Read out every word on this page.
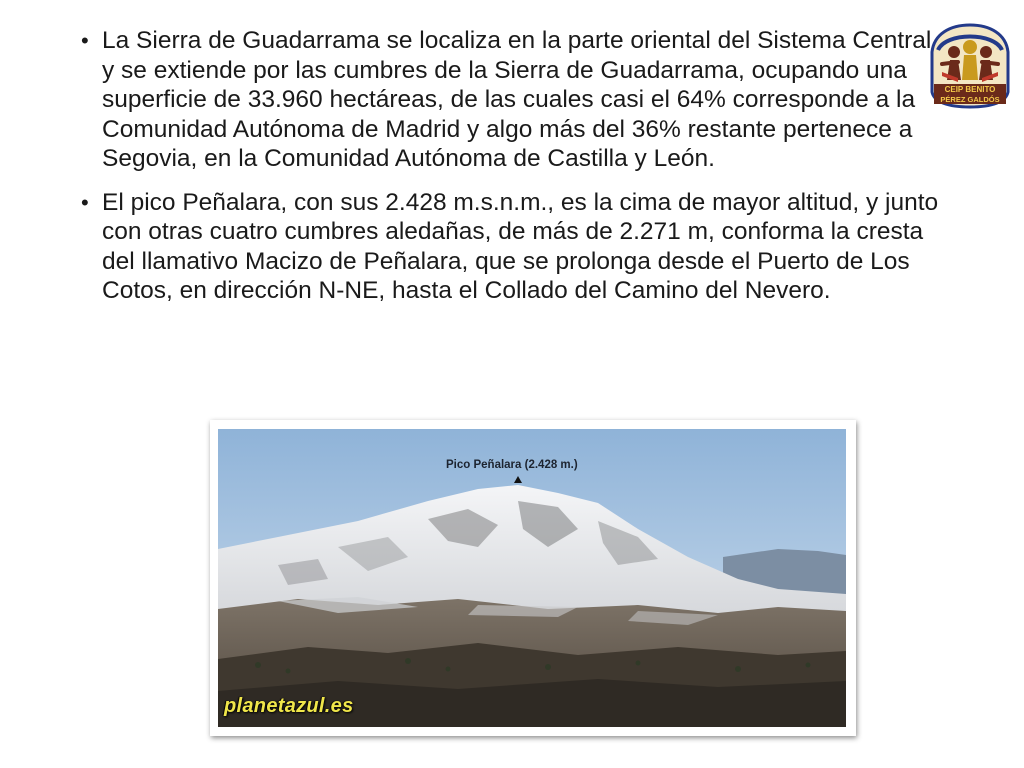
• La Sierra de Guadarrama se localiza en la parte oriental del Sistema Central y se extiende por las cumbres de la Sierra de Guadarrama, ocupando una superficie de 33.960 hectáreas, de las cuales casi el 64% corresponde a la Comunidad Autónoma de Madrid y algo más del 36% restante pertenece a Segovia, en la Comunidad Autónoma de Castilla y León.
• El pico Peñalara, con sus 2.428 m.s.n.m., es la cima de mayor altitud, y junto con otras cuatro cumbres aledañas, de más de 2.271 m, conforma la cresta del llamativo Macizo de Peñalara, que se prolonga desde el Puerto de Los Cotos, en dirección N-NE, hasta el Collado del Camino del Nevero.
CEIP BENITO
PÉREZ GALDÓS
Pico Peñalara (2.428 m.)
planetazul.es
